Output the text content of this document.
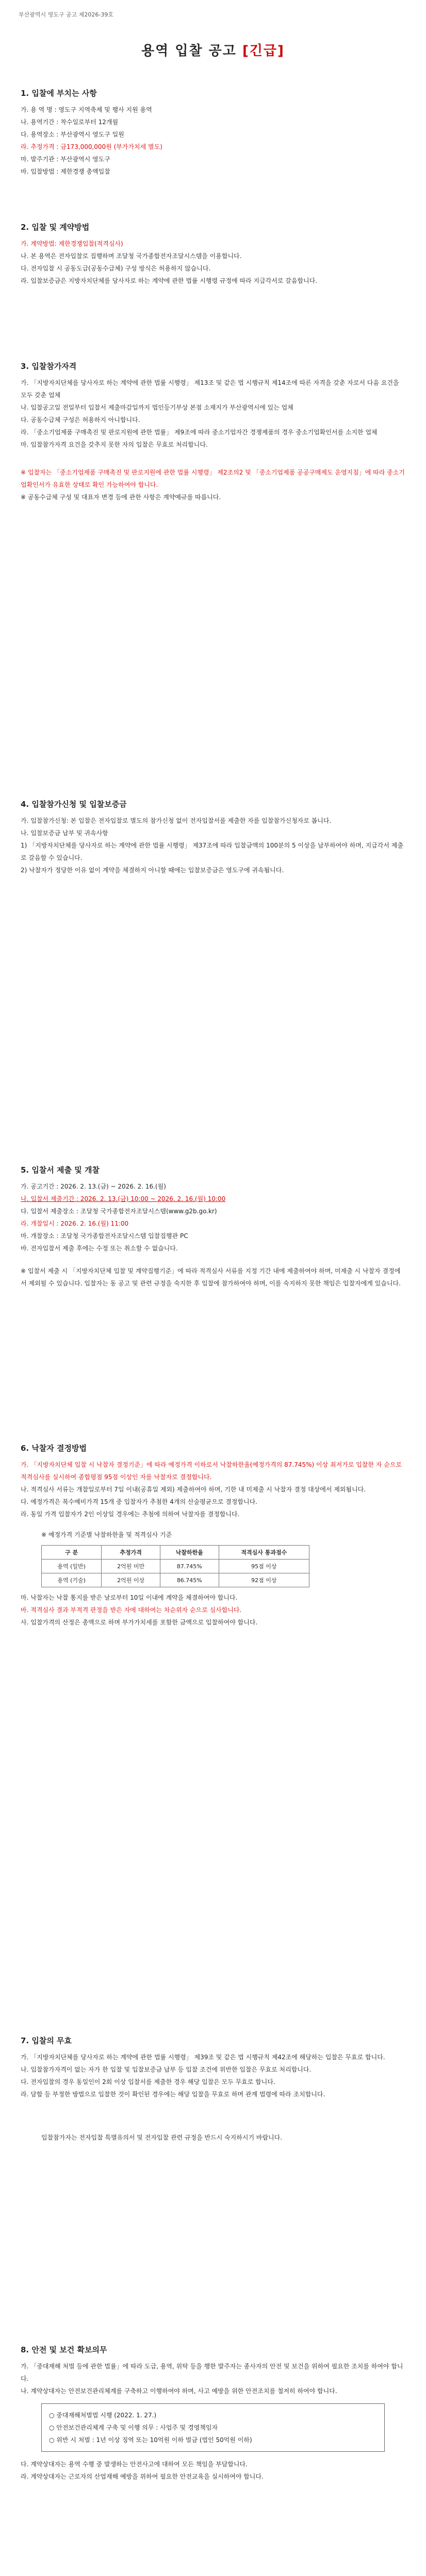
부산광역시 영도구 공고 제2026-39호
용역 입찰 공고 [긴급]
1. 입찰에 부치는 사항
가. 용 역 명 : 영도구 지역축제 및 행사 지원 용역
나. 용역기간 : 착수일로부터 12개월
다. 용역장소 : 부산광역시 영도구 일원
라. 추정가격 : 금173,000,000원 (부가가치세 별도)
마. 발주기관 : 부산광역시 영도구
바. 입찰방법 : 제한경쟁 총액입찰
2. 입찰 및 계약방법
가. 계약방법: 제한경쟁입찰(적격심사)
나. 본 용역은 전자입찰로 집행하며 조달청 국가종합전자조달시스템을 이용합니다.
다. 전자입찰 시 공동도급(공동수급체) 구성 방식은 허용하지 않습니다.
라. 입찰보증금은 지방자치단체를 당사자로 하는 계약에 관한 법률 시행령 규정에 따라 지급각서로 갈음합니다.
3. 입찰참가자격
가. 「지방자치단체를 당사자로 하는 계약에 관한 법률 시행령」 제13조 및 같은 법 시행규칙 제14조에 따른 자격을 갖춘 자로서 다음 요건을 모두 갖춘 업체
나. 입찰공고일 전일부터 입찰서 제출마감일까지 법인등기부상 본점 소재지가 부산광역시에 있는 업체
다. 공동수급체 구성은 허용하지 아니합니다.
라. 「중소기업제품 구매촉진 및 판로지원에 관한 법률」 제9조에 따라 중소기업자간 경쟁제품의 경우 중소기업확인서를 소지한 업체
마. 입찰참가자격 요건을 갖추지 못한 자의 입찰은 무효로 처리합니다.
※ 입찰자는 「중소기업제품 구매촉진 및 판로지원에 관한 법률 시행령」 제2조의2 및 「중소기업제품 공공구매제도 운영지침」에 따라 중소기업확인서가 유효한 상태로 확인 가능하여야 합니다.
※ 공동수급체 구성 및 대표자 변경 등에 관한 사항은 계약예규를 따릅니다.
4. 입찰참가신청 및 입찰보증금
가. 입찰참가신청: 본 입찰은 전자입찰로 별도의 참가신청 없이 전자입찰서를 제출한 자를 입찰참가신청자로 봅니다.
나. 입찰보증금 납부 및 귀속사항
1) 「지방자치단체를 당사자로 하는 계약에 관한 법률 시행령」 제37조에 따라 입찰금액의 100분의 5 이상을 납부하여야 하며, 지급각서 제출로 갈음할 수 있습니다.
2) 낙찰자가 정당한 이유 없이 계약을 체결하지 아니할 때에는 입찰보증금은 영도구에 귀속됩니다.
5. 입찰서 제출 및 개찰
가. 공고기간 : 2026. 2. 13.(금) ~ 2026. 2. 16.(월)
나. 입찰서 제출기간 : 2026. 2. 13.(금) 10:00 ~ 2026. 2. 16.(월) 10:00
다. 입찰서 제출장소 : 조달청 국가종합전자조달시스템(www.g2b.go.kr)
라. 개찰일시 : 2026. 2. 16.(월) 11:00
마. 개찰장소 : 조달청 국가종합전자조달시스템 입찰집행관 PC
바. 전자입찰서 제출 후에는 수정 또는 취소할 수 없습니다.
※ 입찰서 제출 시 「지방자치단체 입찰 및 계약집행기준」에 따라 적격심사 서류를 지정 기간 내에 제출하여야 하며, 미제출 시 낙찰자 결정에서 제외될 수 있습니다. 입찰자는 동 공고 및 관련 규정을 숙지한 후 입찰에 참가하여야 하며, 이를 숙지하지 못한 책임은 입찰자에게 있습니다.
6. 낙찰자 결정방법
가. 「지방자치단체 입찰 시 낙찰자 결정기준」에 따라 예정가격 이하로서 낙찰하한율(예정가격의 87.745%) 이상 최저가로 입찰한 자 순으로 적격심사를 실시하여 종합평점 95점 이상인 자를 낙찰자로 결정합니다.
나. 적격심사 서류는 개찰일로부터 7일 이내(공휴일 제외) 제출하여야 하며, 기한 내 미제출 시 낙찰자 결정 대상에서 제외됩니다.
다. 예정가격은 복수예비가격 15개 중 입찰자가 추첨한 4개의 산술평균으로 결정합니다.
라. 동일 가격 입찰자가 2인 이상일 경우에는 추첨에 의하여 낙찰자를 결정합니다.
※ 예정가격 기준별 낙찰하한율 및 적격심사 기준
구 분	추정가격	낙찰하한율	적격심사 통과점수
용역 (일반)	2억원 미만	87.745%	95점 이상
용역 (기술)	2억원 이상	86.745%	92점 이상
마. 낙찰자는 낙찰 통지를 받은 날로부터 10일 이내에 계약을 체결하여야 합니다.
바. 적격심사 결과 부적격 판정을 받은 자에 대하여는 차순위자 순으로 심사합니다.
사. 입찰가격의 산정은 총액으로 하며 부가가치세를 포함한 금액으로 입찰하여야 합니다.
7. 입찰의 무효
가. 「지방자치단체를 당사자로 하는 계약에 관한 법률 시행령」 제39조 및 같은 법 시행규칙 제42조에 해당하는 입찰은 무효로 합니다.
나. 입찰참가자격이 없는 자가 한 입찰 및 입찰보증금 납부 등 입찰 조건에 위반한 입찰은 무효로 처리합니다.
다. 전자입찰의 경우 동일인이 2회 이상 입찰서를 제출한 경우 해당 입찰은 모두 무효로 합니다.
라. 담합 등 부정한 방법으로 입찰한 것이 확인된 경우에는 해당 입찰을 무효로 하며 관계 법령에 따라 조치합니다.
입찰참가자는 전자입찰 특별유의서 및 전자입찰 관련 규정을 반드시 숙지하시기 바랍니다.
8. 안전 및 보건 확보의무
가. 「중대재해 처벌 등에 관한 법률」에 따라 도급, 용역, 위탁 등을 행한 발주자는 종사자의 안전 및 보건을 위하여 필요한 조치를 하여야 합니다.
나. 계약상대자는 안전보건관리체계를 구축하고 이행하여야 하며, 사고 예방을 위한 안전조치를 철저히 하여야 합니다.
○ 중대재해처벌법 시행 (2022. 1. 27.)
○ 안전보건관리체계 구축 및 이행 의무 : 사업주 및 경영책임자
○ 위반 시 처벌 : 1년 이상 징역 또는 10억원 이하 벌금 (법인 50억원 이하)
다. 계약상대자는 용역 수행 중 발생하는 안전사고에 대하여 모든 책임을 부담합니다.
라. 계약상대자는 근로자의 산업재해 예방을 위하여 필요한 안전교육을 실시하여야 합니다.
